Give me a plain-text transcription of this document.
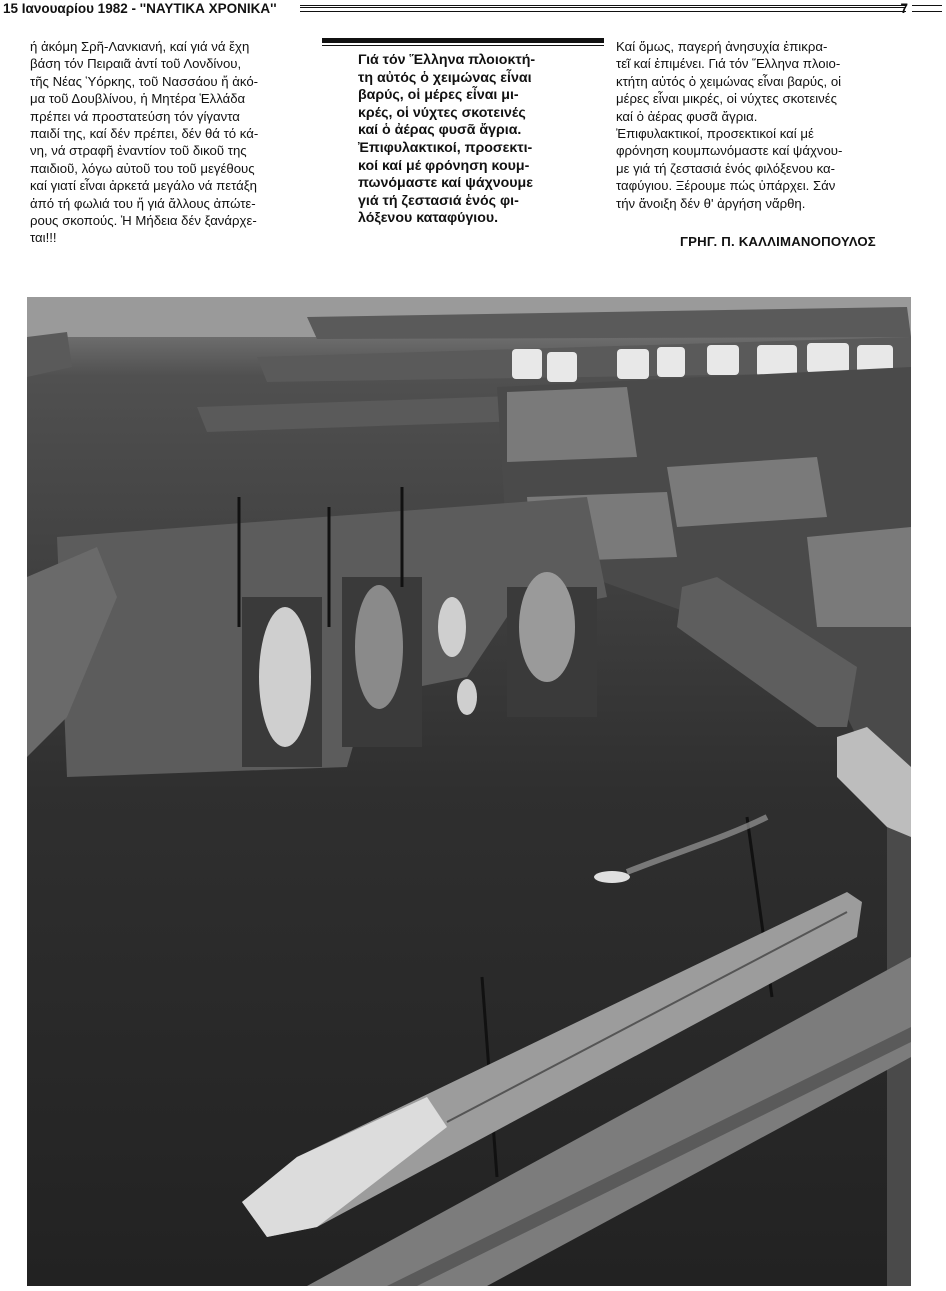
15 Ιανουαρίου 1982 - ''ΝΑΥΤΙΚΑ ΧΡΟΝΙΚΑ''	7
ή ἀκόμη Σρῆ-Λανκιανή, καί γιά νά ἔχη
βάση τόν Πειραιᾶ ἀντί τοῦ Λονδίνου,
τῆς Νέας Ὑόρκης, τοῦ Νασσάου ἤ ἀκό-
μα τοῦ Δουβλίνου, ἡ Μητέρα Ἑλλάδα
πρέπει νά προστατεύση τόν γίγαντα
παιδί της, καί δέν πρέπει, δέν θά τό κά-
νη, νά στραφῆ ἐναντίον τοῦ δικοῦ της
παιδιοῦ, λόγω αὐτοῦ του τοῦ μεγέθους
καί γιατί εἶναι ἀρκετά μεγάλο νά πετάξη
ἀπό τή φωλιά του ἤ γιά ἄλλους ἀπώτε-
ρους σκοπούς. Ἡ Μήδεια δέν ξανάρχε-
ται!!!
Γιά τόν Ἕλληνα πλοιοκτή-
τη αὐτός ὁ χειμώνας εἶναι
βαρύς, οἱ μέρες εἶναι μι-
κρές, οἱ νύχτες σκοτεινές
καί ὁ ἀέρας φυσᾶ ἄγρια.
Ἐπιφυλακτικοί, προσεκτι-
κοί καί μέ φρόνηση κουμ-
πωνόμαστε καί ψάχνουμε
γιά τή ζεστασιά ἑνός φι-
λόξενου καταφύγιου.
Καί ὅμως, παγερή ἀνησυχία ἐπικρα-
τεῖ καί ἐπιμένει. Γιά τόν Ἕλληνα πλοιο-
κτήτη αὐτός ὁ χειμώνας εἶναι βαρύς, οἱ
μέρες εἶναι μικρές, οἱ νύχτες σκοτεινές
καί ὁ ἀέρας φυσᾶ ἄγρια.
Ἐπιφυλακτικοί, προσεκτικοί καί μέ
φρόνηση κουμπωνόμαστε καί ψάχνου-
με γιά τή ζεστασιά ἑνός φιλόξενου κα-
ταφύγιου. Ξέρουμε πώς ὑπάρχει. Σάν
τήν ἄνοιξη δέν θ' ἀργήση νἄρθη.
ΓΡΗΓ. Π. ΚΑΛΛΙΜΑΝΟΠΟΥΛΟΣ
